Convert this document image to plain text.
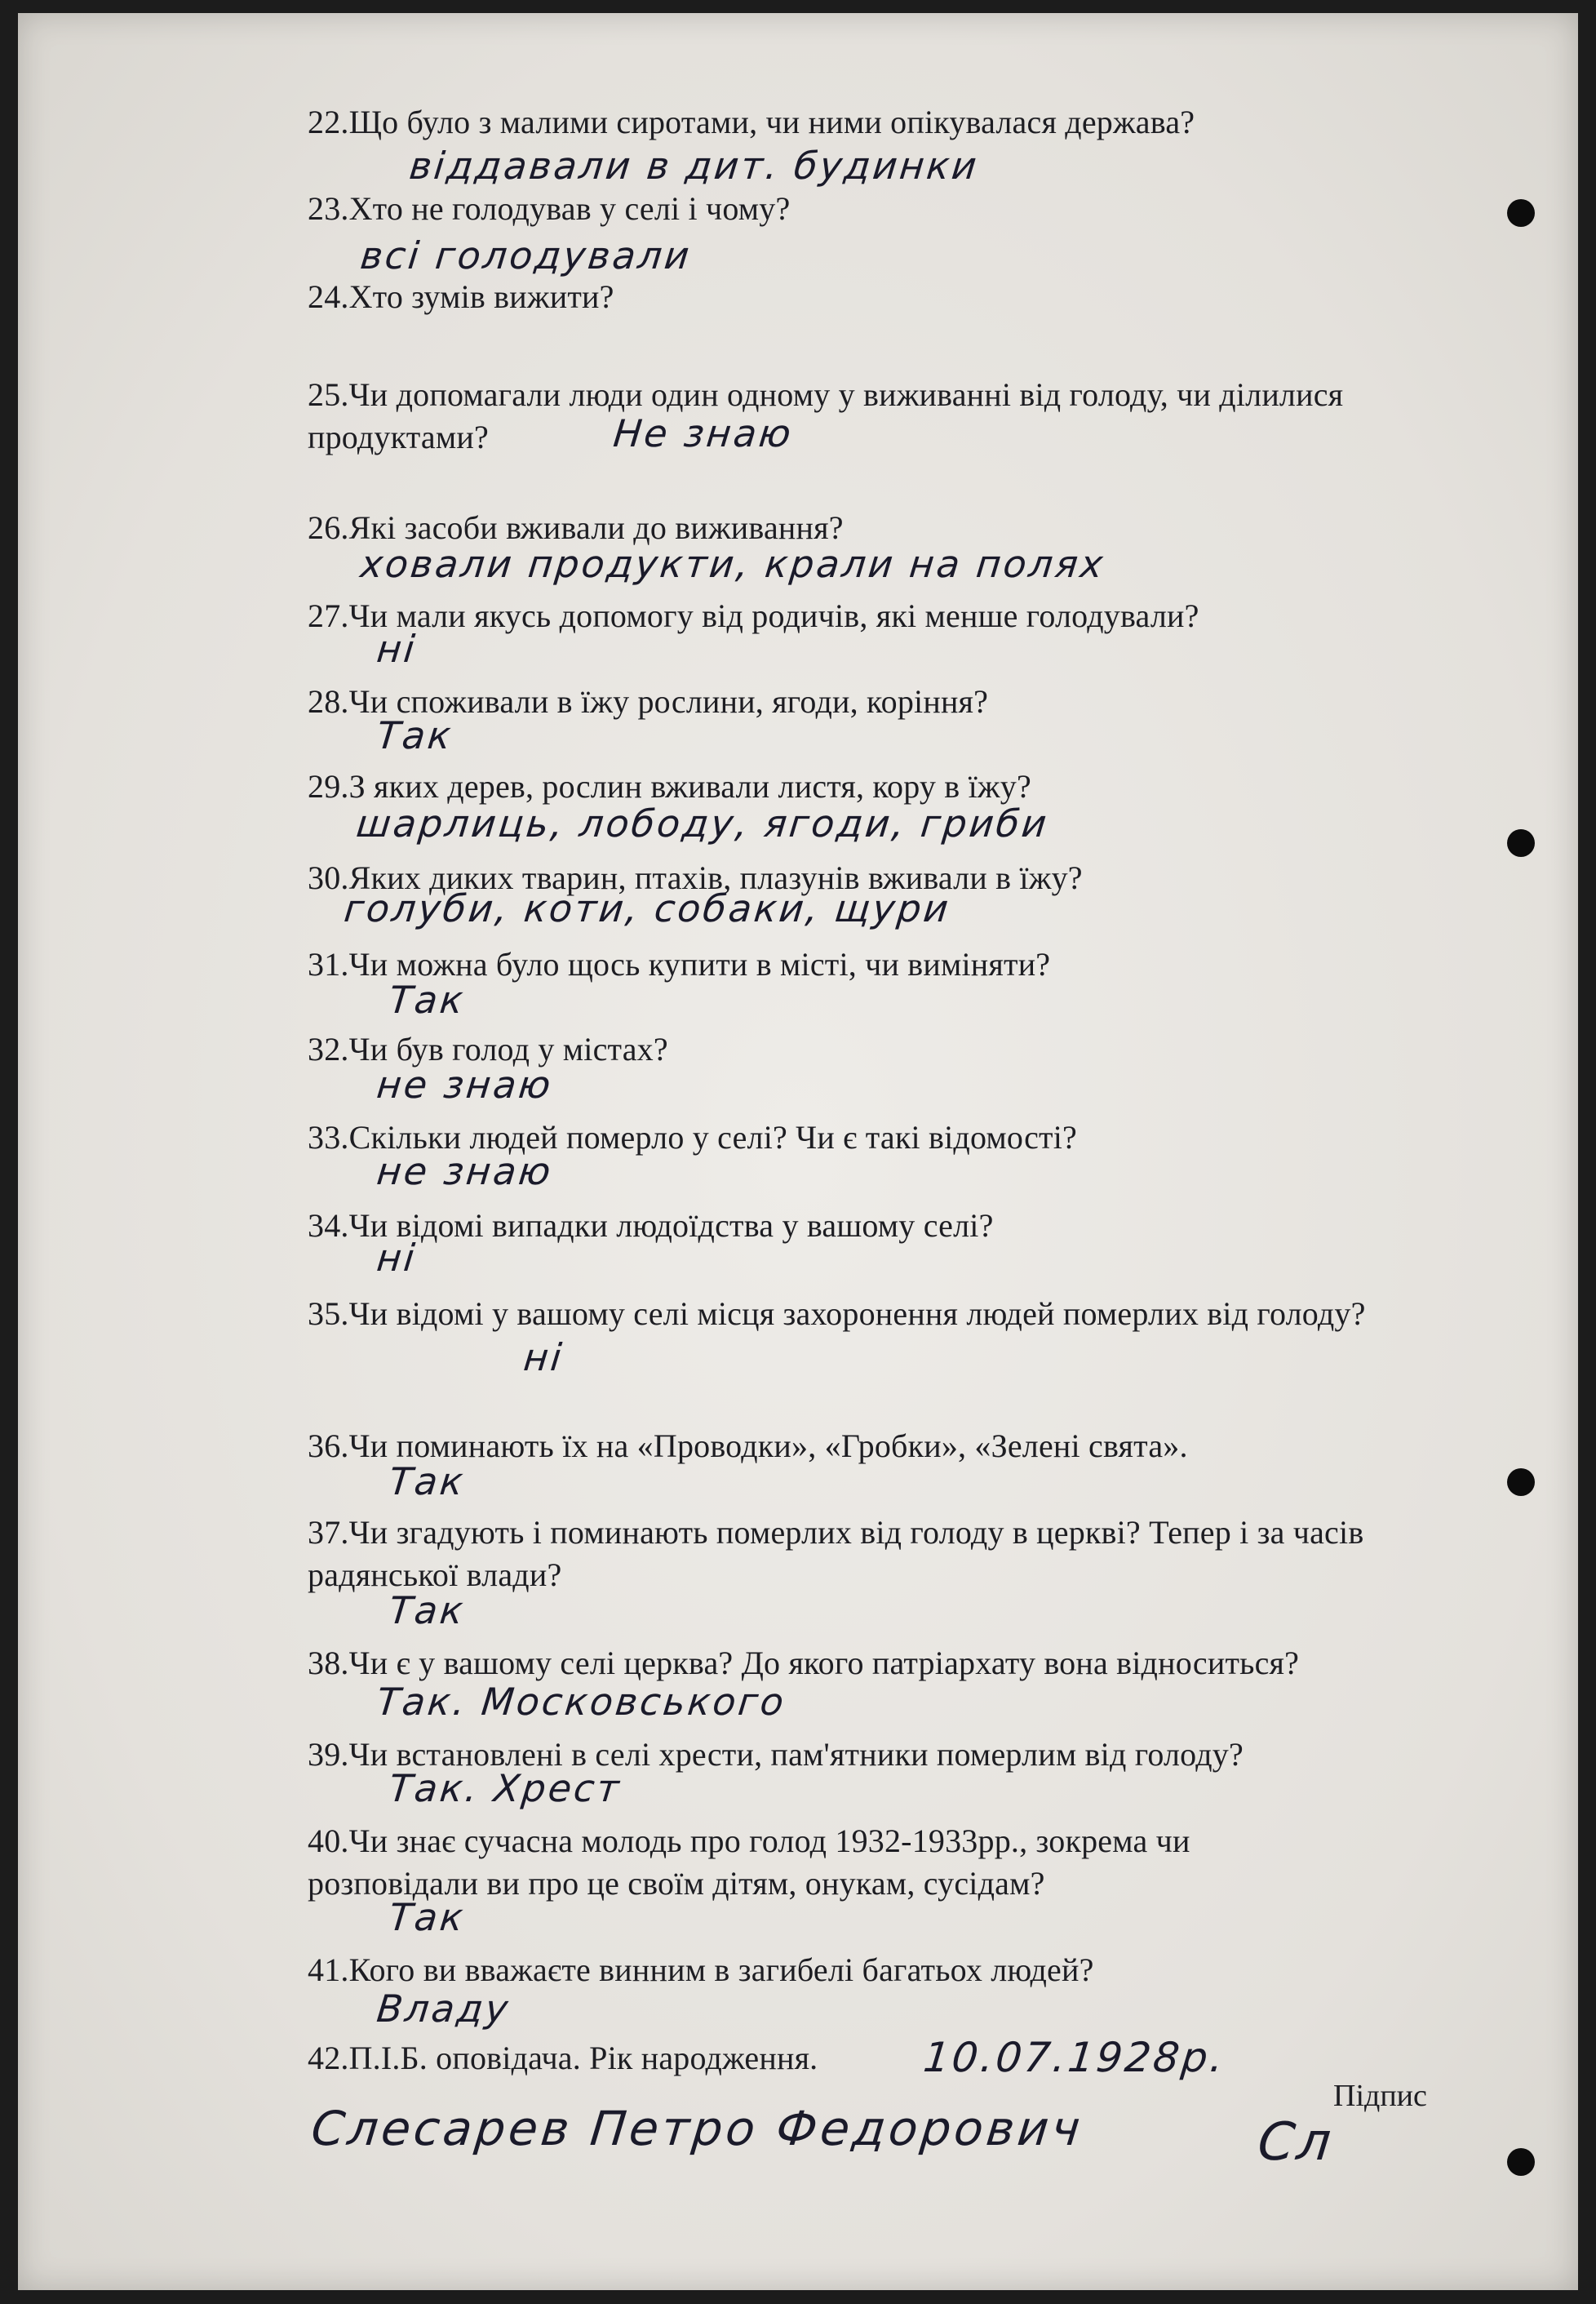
22.Що було з малими сиротами, чи ними опікувалася держава?
віддавали в дит. будинки
23.Хто не голодував у селі і чому?
всі голодували
24.Хто зумів вижити?
25.Чи допомагали люди один одному у виживанні від голоду, чи ділилися продуктами?	Не знаю
26.Які засоби вживали до виживання?
ховали продукти, крали на полях
27.Чи мали якусь допомогу від родичів, які менше голодували?
ні
28.Чи споживали в їжу рослини, ягоди, коріння?
Так
29.З яких дерев, рослин вживали листя, кору в їжу?
шарлиць, лободу, ягоди, гриби
30.Яких диких тварин, птахів, плазунів вживали в їжу?
голуби, коти, собаки, щури
31.Чи можна було щось купити в місті, чи виміняти?
Так
32.Чи був голод у містах?
не знаю
33.Скільки людей померло у селі? Чи є такі відомості?
не знаю
34.Чи відомі випадки людоїдства у вашому селі?
ні
35.Чи відомі у вашому селі місця захоронення людей померлих від голоду?
ні
36.Чи поминають їх на «Проводки», «Гробки», «Зелені свята».
Так
37.Чи згадують і поминають померлих від голоду в церкві? Тепер і за часів радянської влади?
Так
38.Чи є у вашому селі церква? До якого патріархату вона відноситься?
Так. Московського
39.Чи встановлені в селі хрести, пам'ятники померлим від голоду?
Так. Хрест
40.Чи знає сучасна молодь про голод 1932-1933рр., зокрема чи розповідали ви про це своїм дітям, онукам, сусідам?
Так
41.Кого ви вважаєте винним в загибелі багатьох людей?
Владу
42.П.І.Б. оповідача. Рік народження.	10.07.1928р.
Слесарев Петро Федорович
Підпис
Сл
